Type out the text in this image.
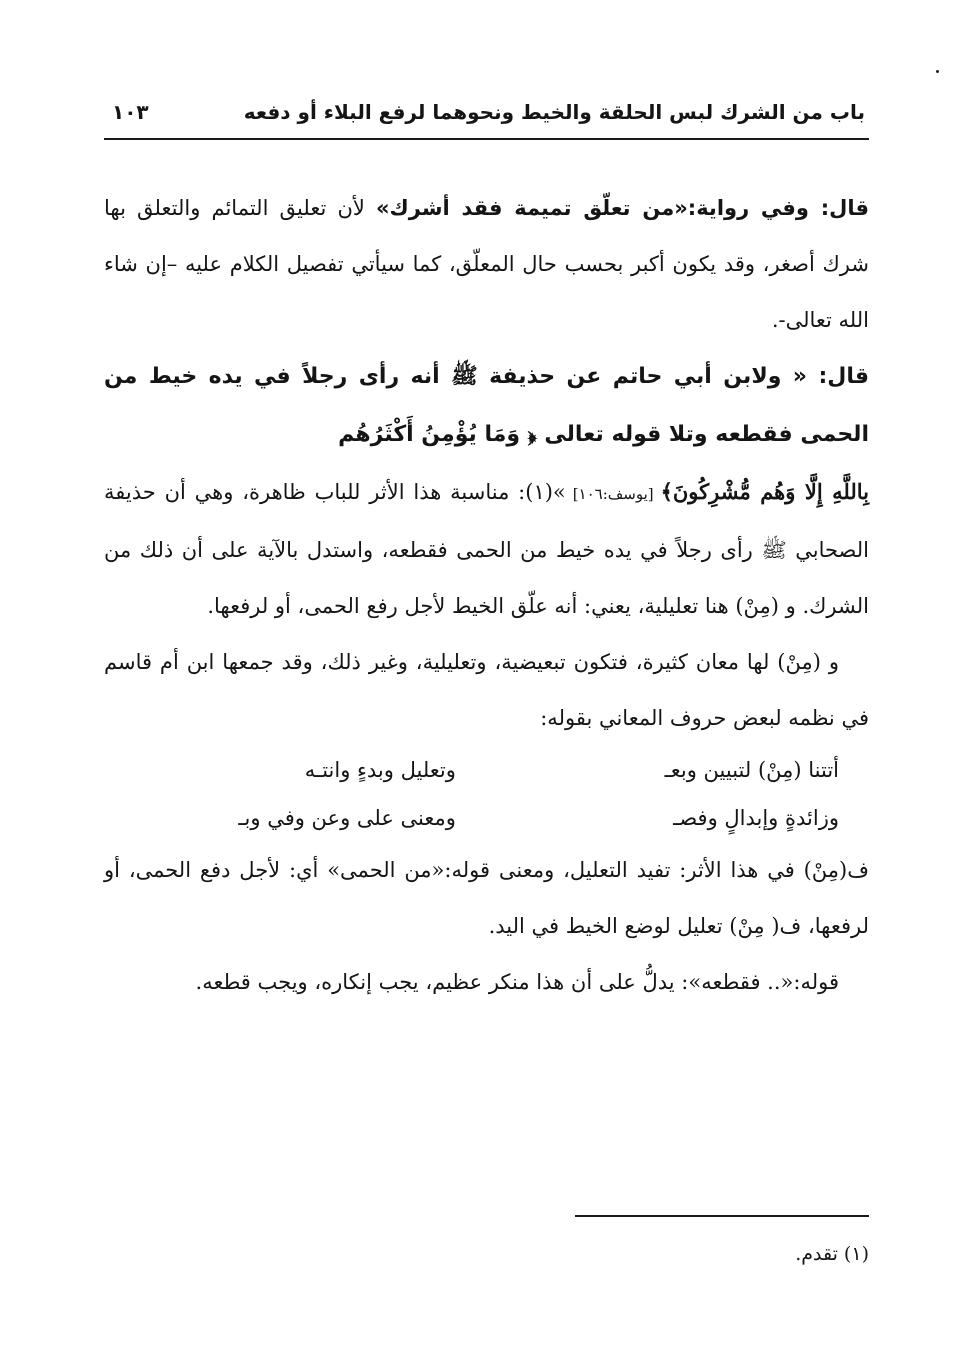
باب من الشرك لبس الحلقة والخيط ونحوهما لرفع البلاء أو دفعه
١٠٣

قال: وفي رواية:«من تعلّق تميمة فقد أشرك» لأن تعليق التمائم والتعلق بها شرك أصغر، وقد يكون أكبر بحسب حال المعلّق، كما سيأتي تفصيل الكلام عليه –إن شاء الله تعالى-.

قال: « ولابن أبي حاتم عن حذيفة ﷺ أنه رأى رجلاً في يده خيط من الحمى فقطعه وتلا قوله تعالى ﴿ وَمَا يُؤْمِنُ أَكْثَرُهُم

بِاللَّهِ إِلَّا وَهُم مُّشْرِكُونَ﴾ [يوسف:١٠٦] »(١): مناسبة هذا الأثر للباب ظاهرة، وهي أن حذيفة الصحابي ﷺ رأى رجلاً في يده خيط من الحمى فقطعه، واستدل بالآية على أن ذلك من الشرك. و (مِنْ) هنا تعليلية، يعني: أنه علّق الخيط لأجل رفع الحمى، أو لرفعها.

و (مِنْ) لها معان كثيرة، فتكون تبعيضية، وتعليلية، وغير ذلك، وقد جمعها ابن أم قاسم في نظمه لبعض حروف المعاني بقوله:

أتتنا (مِنْ) لتبيين وبعـ	وتعليل وبدءٍ وانتـه
وزائدةٍ وإبدالٍ وفصـ	ومعنى على وعن وفي وبـ

ف(مِنْ) في هذا الأثر: تفيد التعليل، ومعنى قوله:«من الحمى» أي: لأجل دفع الحمى، أو لرفعها، ف( مِنْ) تعليل لوضع الخيط في اليد.

قوله:«.. فقطعه»: يدلُّ على أن هذا منكر عظيم، يجب إنكاره، ويجب قطعه.

(١) تقدم.
